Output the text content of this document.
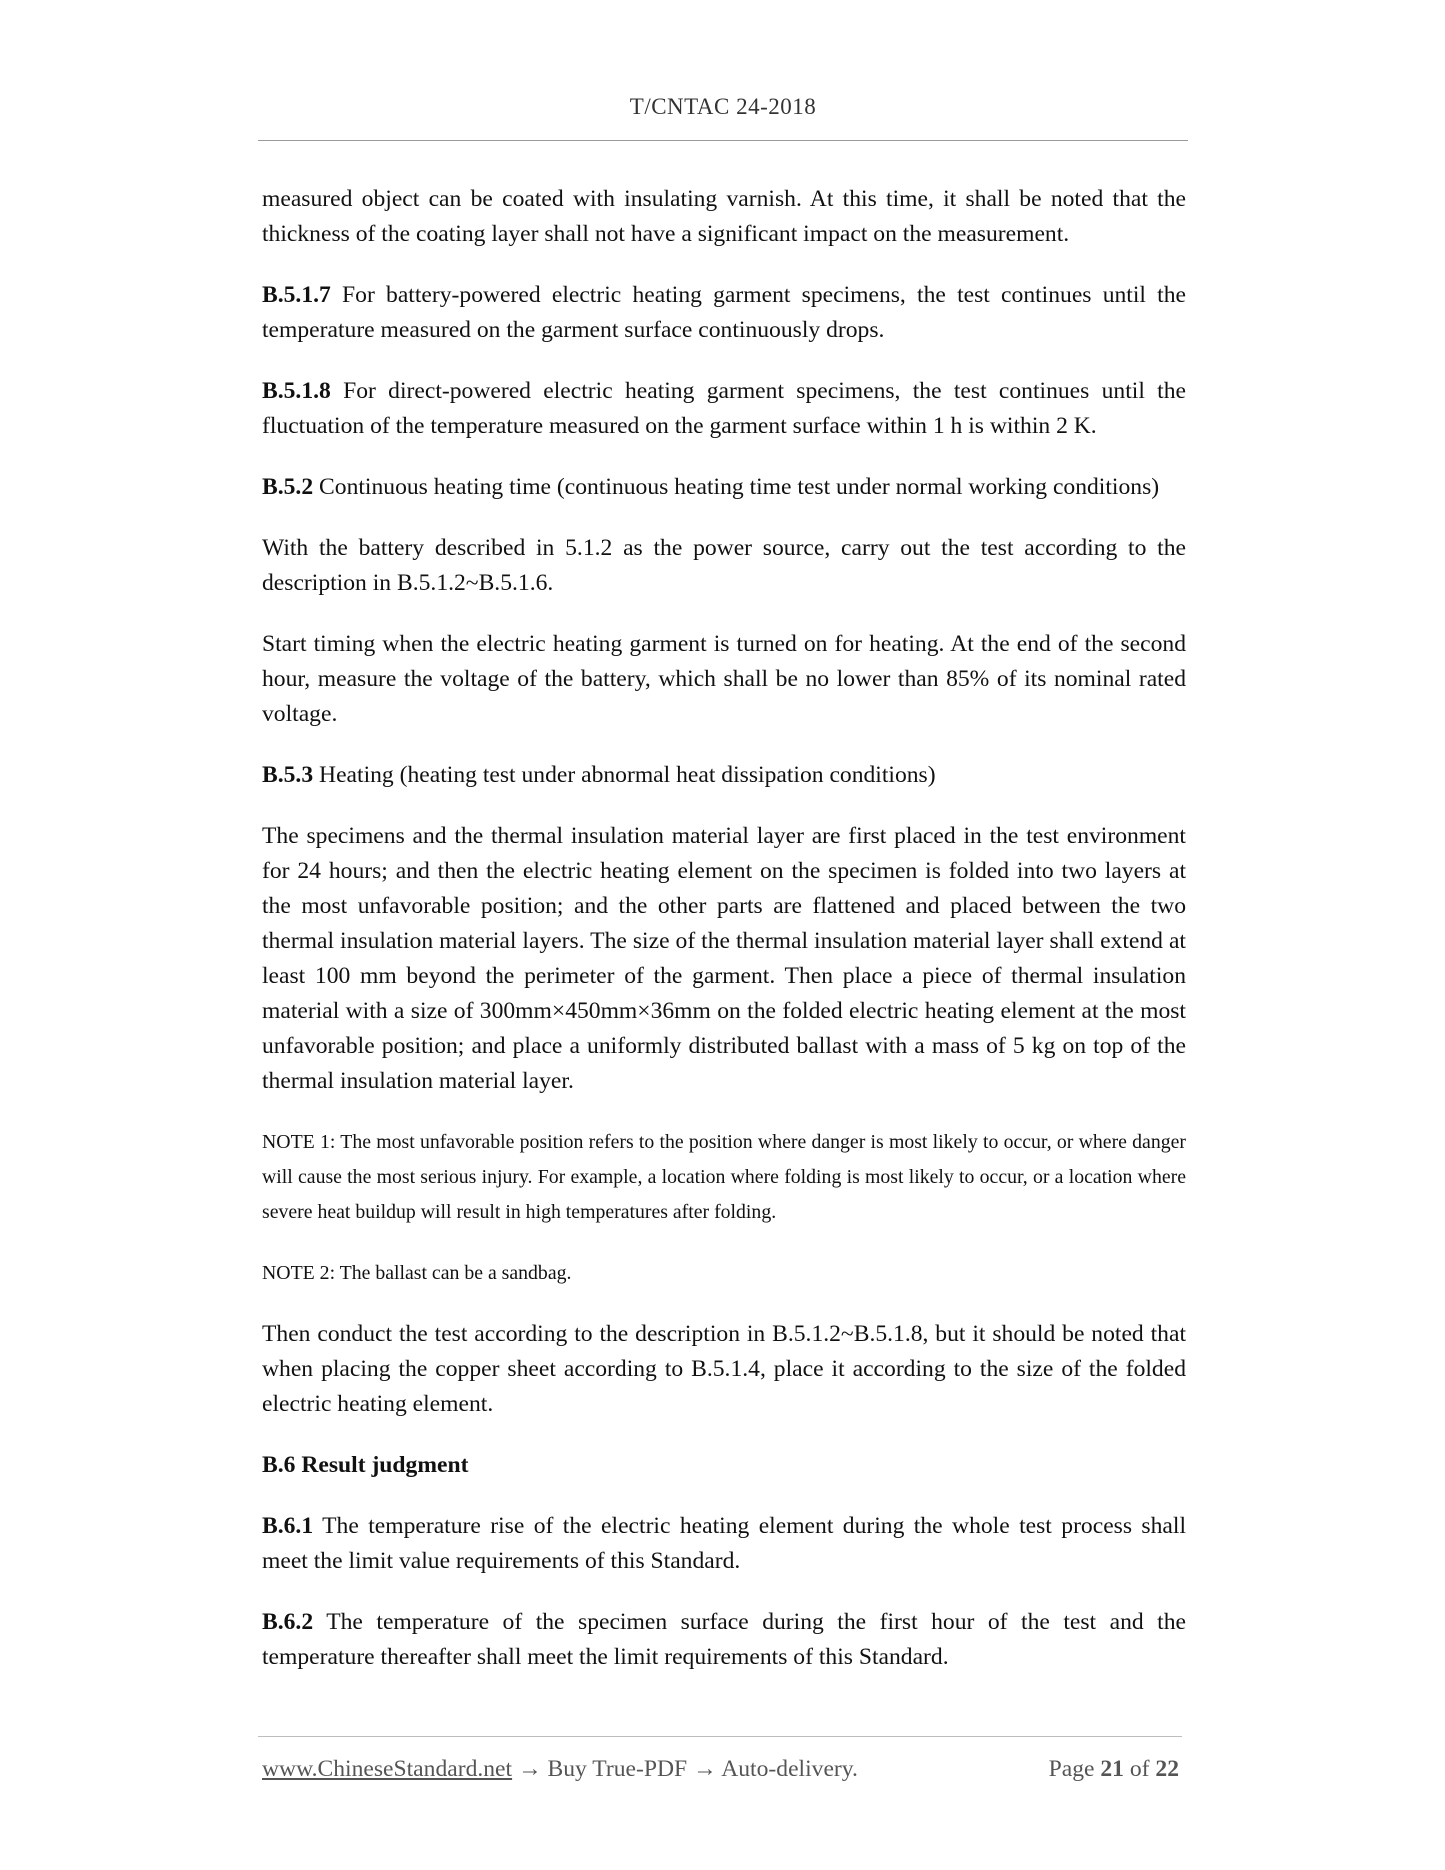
T/CNTAC 24-2018

measured object can be coated with insulating varnish. At this time, it shall be noted that the thickness of the coating layer shall not have a significant impact on the measurement.

B.5.1.7 For battery-powered electric heating garment specimens, the test continues until the temperature measured on the garment surface continuously drops.

B.5.1.8 For direct-powered electric heating garment specimens, the test continues until the fluctuation of the temperature measured on the garment surface within 1 h is within 2 K.

B.5.2 Continuous heating time (continuous heating time test under normal working conditions)

With the battery described in 5.1.2 as the power source, carry out the test according to the description in B.5.1.2~B.5.1.6.

Start timing when the electric heating garment is turned on for heating. At the end of the second hour, measure the voltage of the battery, which shall be no lower than 85% of its nominal rated voltage.

B.5.3 Heating (heating test under abnormal heat dissipation conditions)

The specimens and the thermal insulation material layer are first placed in the test environment for 24 hours; and then the electric heating element on the specimen is folded into two layers at the most unfavorable position; and the other parts are flattened and placed between the two thermal insulation material layers. The size of the thermal insulation material layer shall extend at least 100 mm beyond the perimeter of the garment. Then place a piece of thermal insulation material with a size of 300mm×450mm×36mm on the folded electric heating element at the most unfavorable position; and place a uniformly distributed ballast with a mass of 5 kg on top of the thermal insulation material layer.

NOTE 1: The most unfavorable position refers to the position where danger is most likely to occur, or where danger will cause the most serious injury. For example, a location where folding is most likely to occur, or a location where severe heat buildup will result in high temperatures after folding.

NOTE 2: The ballast can be a sandbag.

Then conduct the test according to the description in B.5.1.2~B.5.1.8, but it should be noted that when placing the copper sheet according to B.5.1.4, place it according to the size of the folded electric heating element.

B.6 Result judgment

B.6.1 The temperature rise of the electric heating element during the whole test process shall meet the limit value requirements of this Standard.

B.6.2 The temperature of the specimen surface during the first hour of the test and the temperature thereafter shall meet the limit requirements of this Standard.

www.ChineseStandard.net → Buy True-PDF → Auto-delivery.	Page 21 of 22
